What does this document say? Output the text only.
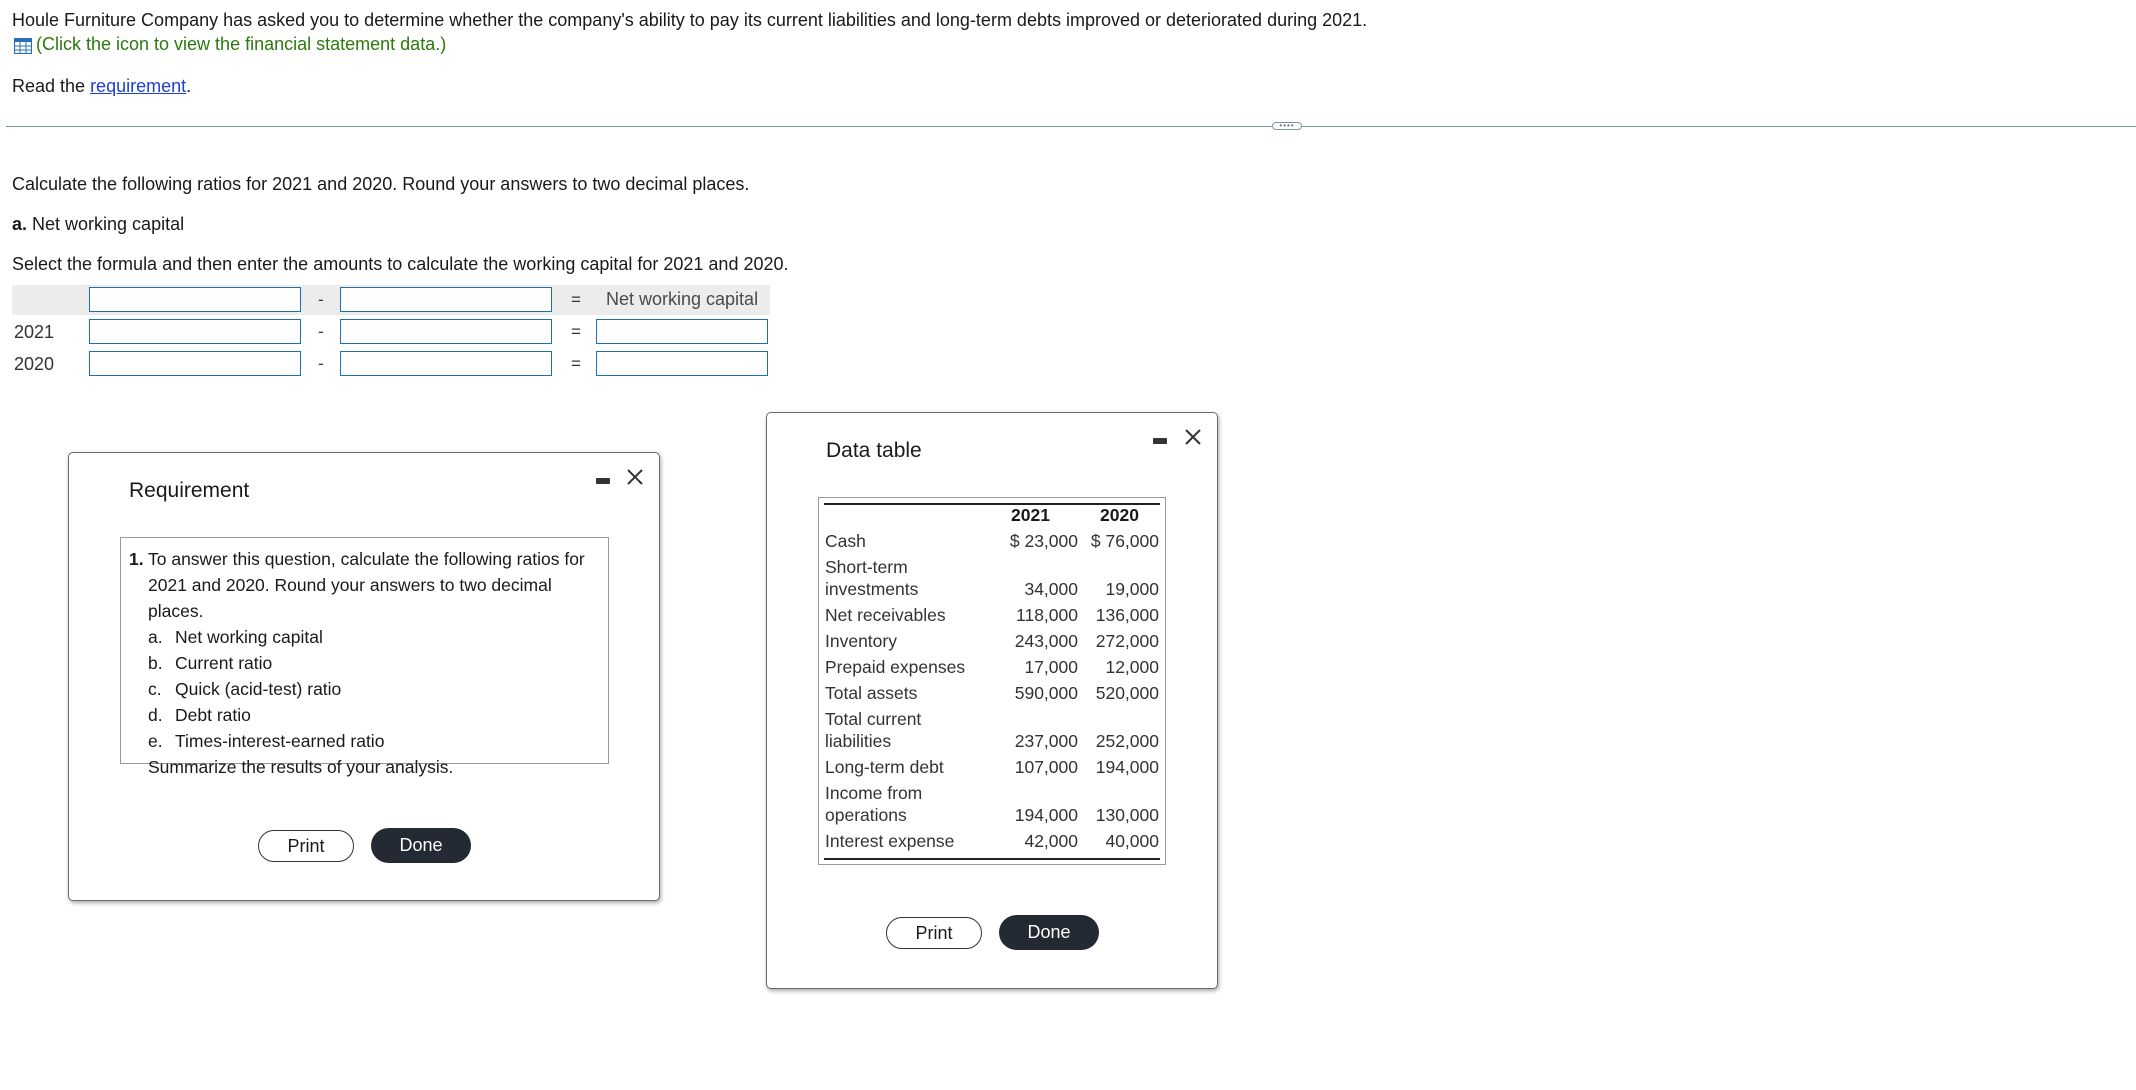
Houle Furniture Company has asked you to determine whether the company's ability to pay its current liabilities and long-term debts improved or deteriorated during 2021.
(Click the icon to view the financial statement data.)
Read the requirement.
••••
Calculate the following ratios for 2021 and 2020. Round your answers to two decimal places.
a. Net working capital
Select the formula and then enter the amounts to calculate the working capital for 2021 and 2020.
-	= Net working capital
2021	-	=
2020	-	=
Requirement
1. To answer this question, calculate the following ratios for 2021 and 2020. Round your answers to two decimal places.
a. Net working capital
b. Current ratio
c. Quick (acid-test) ratio
d. Debt ratio
e. Times-interest-earned ratio
Summarize the results of your analysis.
Print	Done
Data table
2021	2020
Cash	$ 23,000 $ 76,000
Short-term
investments	34,000 19,000
Net receivables	118,000 136,000
Inventory	243,000 272,000
Prepaid expenses	17,000 12,000
Total assets	590,000 520,000
Total current
liabilities	237,000 252,000
Long-term debt	107,000 194,000
Income from
operations	194,000 130,000
Interest expense	42,000 40,000
Print	Done
